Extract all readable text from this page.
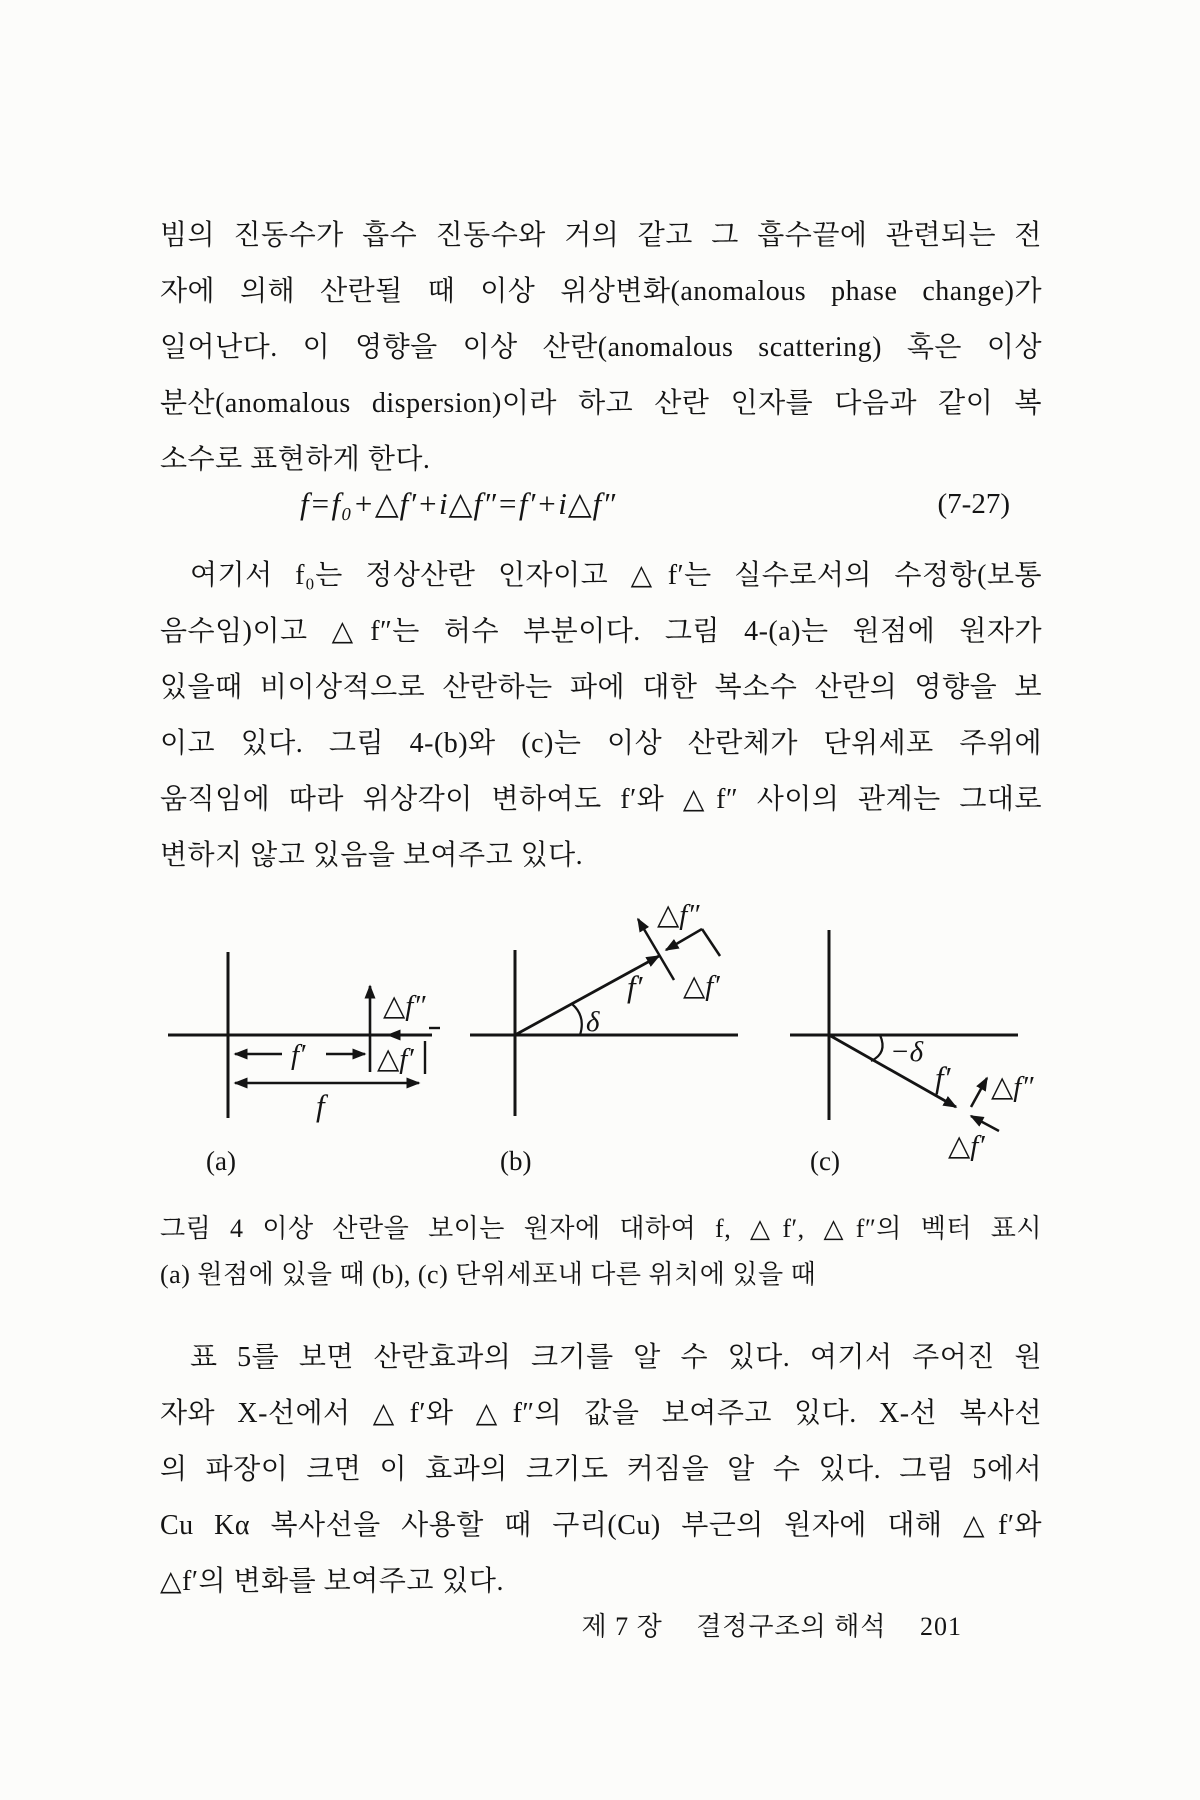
빔의 진동수가 흡수 진동수와 거의 같고 그 흡수끝에 관련되는 전
자에 의해 산란될 때 이상 위상변화(anomalous phase change)가
일어난다. 이 영향을 이상 산란(anomalous scattering) 혹은 이상
분산(anomalous dispersion)이라 하고 산란 인자를 다음과 같이 복
소수로 표현하게 한다.
f=f₀+△f′+i△f″=f′+i△f″	(7-27)
여기서 f₀는 정상산란 인자이고 △f′는 실수로서의 수정항(보통
음수임)이고 △f″는 허수 부분이다. 그림 4-(a)는 원점에 원자가
있을때 비이상적으로 산란하는 파에 대한 복소수 산란의 영향을 보
이고 있다. 그림 4-(b)와 (c)는 이상 산란체가 단위세포 주위에
움직임에 따라 위상각이 변하여도 f′와 △f″ 사이의 관계는 그대로
변하지 않고 있음을 보여주고 있다.
△f″
f′ △f′
f
(a)
δ
△f″
f′ △f′
(b)
−δ
f′ △f″
△f′
(c)
그림 4 이상 산란을 보이는 원자에 대하여 f, △f′, △f″의 벡터 표시
(a) 원점에 있을 때 (b), (c) 단위세포내 다른 위치에 있을 때
표 5를 보면 산란효과의 크기를 알 수 있다. 여기서 주어진 원
자와 X-선에서 △f′와 △f″의 값을 보여주고 있다. X-선 복사선
의 파장이 크면 이 효과의 크기도 커짐을 알 수 있다. 그림 5에서
Cu Kα 복사선을 사용할 때 구리(Cu) 부근의 원자에 대해 △f′와
△f′의 변화를 보여주고 있다.
제 7 장 결정구조의 해석 201
